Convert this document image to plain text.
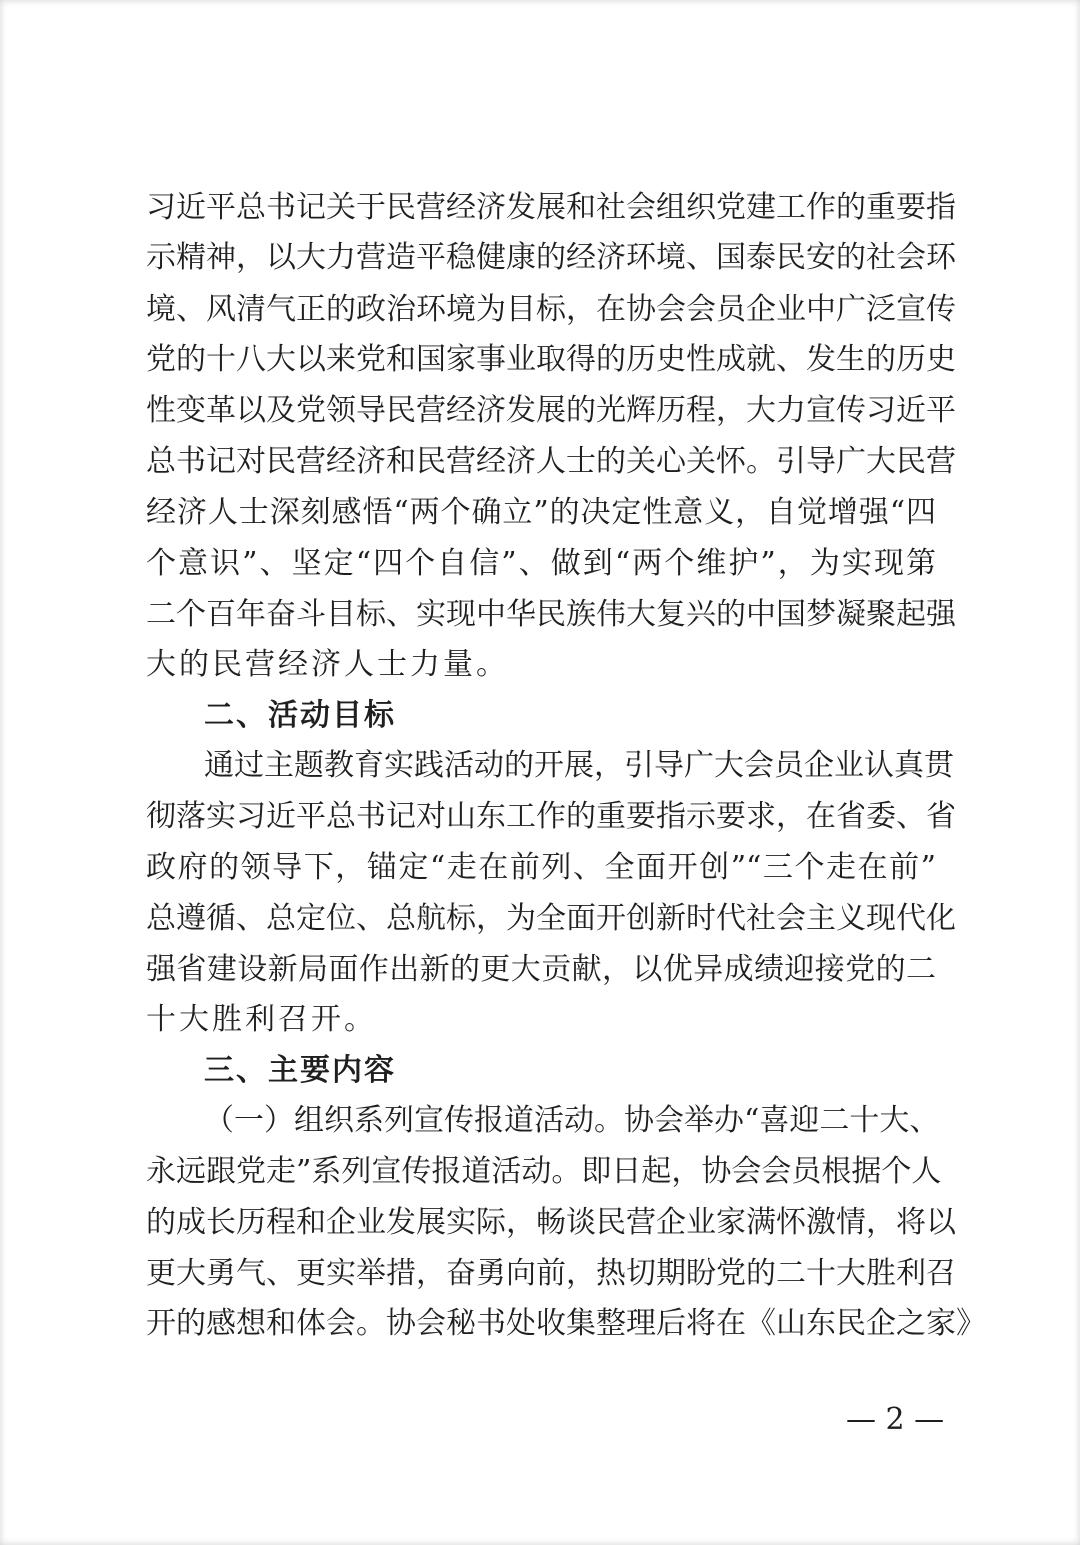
习近平总书记关于民营经济发展和社会组织党建工作的重要指
示精神，以大力营造平稳健康的经济环境、国泰民安的社会环
境、风清气正的政治环境为目标，在协会会员企业中广泛宣传
党的十八大以来党和国家事业取得的历史性成就、发生的历史
性变革以及党领导民营经济发展的光辉历程，大力宣传习近平
总书记对民营经济和民营经济人士的关心关怀。引导广大民营
经济人士深刻感悟“两个确立”的决定性意义，自觉增强“四
个意识”、坚定“四个自信”、做到“两个维护”，为实现第
二个百年奋斗目标、实现中华民族伟大复兴的中国梦凝聚起强
大的民营经济人士力量。
二、活动目标
通过主题教育实践活动的开展，引导广大会员企业认真贯
彻落实习近平总书记对山东工作的重要指示要求，在省委、省
政府的领导下，锚定“走在前列、全面开创”“三个走在前”
总遵循、总定位、总航标，为全面开创新时代社会主义现代化
强省建设新局面作出新的更大贡献，以优异成绩迎接党的二
十大胜利召开。
三、主要内容
（一）组织系列宣传报道活动。协会举办“喜迎二十大、
永远跟党走”系列宣传报道活动。即日起，协会会员根据个人
的成长历程和企业发展实际，畅谈民营企业家满怀激情，将以
更大勇气、更实举措，奋勇向前，热切期盼党的二十大胜利召
开的感想和体会。协会秘书处收集整理后将在《山东民企之家》
— 2 —
